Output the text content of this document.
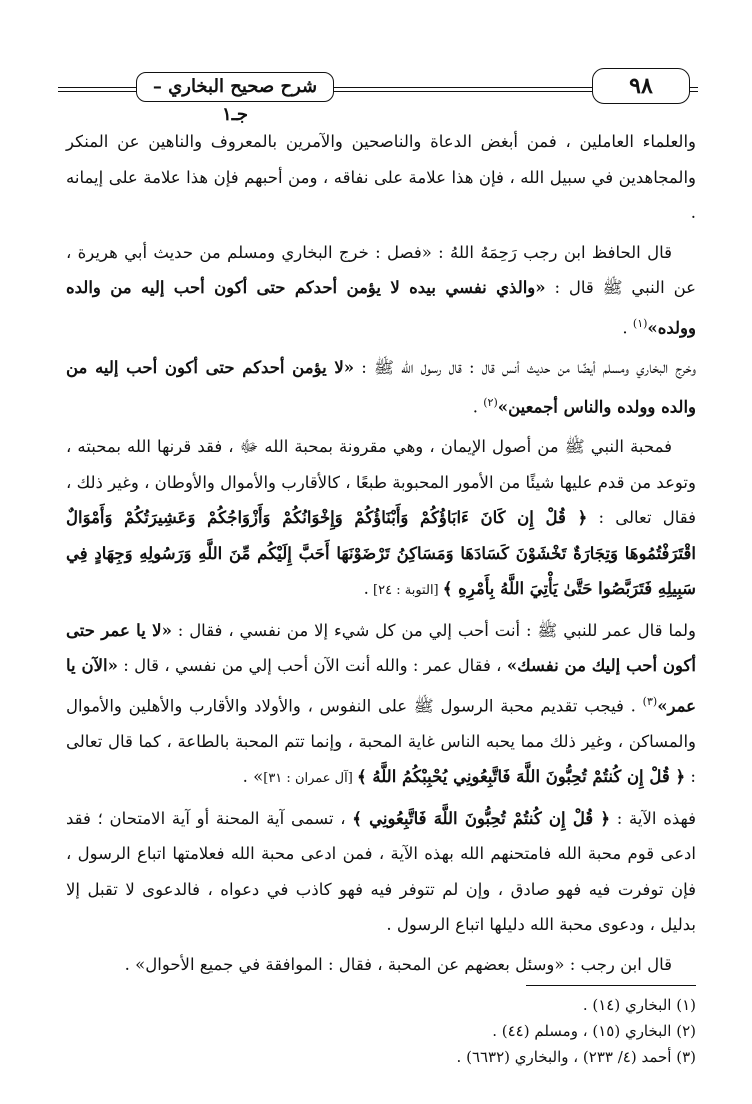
شرح صحيح البخاري – جـ١
٩٨

والعلماء العاملين ، فمن أبغض الدعاة والناصحين والآمرين بالمعروف والناهين عن المنكر والمجاهدين في سبيل الله ، فإن هذا علامة على نفاقه ، ومن أحبهم فإن هذا علامة على إيمانه .

قال الحافظ ابن رجب رَحِمَهُ اللهُ : «فصل : خرج البخاري ومسلم من حديث أبي هريرة ، عن النبي ﷺ قال : «والذي نفسي بيده لا يؤمن أحدكم حتى أكون أحب إليه من والده وولده»$^{(١)}$ .

وخرج البخاري ومسلم أيضًا من حديث أنس قال : قال رسول الله ﷺ : «لا يؤمن أحدكم حتى أكون أحب إليه من والده وولده والناس أجمعين»$^{(٢)}$ .

فمحبة النبي ﷺ من أصول الإيمان ، وهي مقرونة بمحبة الله ﷻ ، فقد قرنها الله بمحبته ، وتوعد من قدم عليها شيئًا من الأمور المحبوبة طبعًا ، كالأقارب والأموال والأوطان ، وغير ذلك ، فقال تعالى : ﴿ قُلْ إِن كَانَ ءَابَاؤُكُمْ وَأَبْنَاؤُكُمْ وَإِخْوَانُكُمْ وَأَزْوَاجُكُمْ وَعَشِيرَتُكُمْ وَأَمْوَالٌ اقْتَرَفْتُمُوهَا وَتِجَارَةٌ تَخْشَوْنَ كَسَادَهَا وَمَسَاكِنُ تَرْضَوْنَهَا أَحَبَّ إِلَيْكُم مِّنَ اللَّهِ وَرَسُولِهِ وَجِهَادٍ فِي سَبِيلِهِ فَتَرَبَّصُوا حَتَّىٰ يَأْتِيَ اللَّهُ بِأَمْرِهِ ﴾ [التوبة : ٢٤] .

ولما قال عمر للنبي ﷺ : أنت أحب إلي من كل شيء إلا من نفسي ، فقال : «لا يا عمر حتى أكون أحب إليك من نفسك» ، فقال عمر : والله أنت الآن أحب إلي من نفسي ، قال : «الآن يا عمر»$^{(٣)}$ . فيجب تقديم محبة الرسول ﷺ على النفوس ، والأولاد والأقارب والأهلين والأموال والمساكن ، وغير ذلك مما يحبه الناس غاية المحبة ، وإنما تتم المحبة بالطاعة ، كما قال تعالى : ﴿ قُلْ إِن كُنتُمْ تُحِبُّونَ اللَّهَ فَاتَّبِعُونِي يُحْبِبْكُمُ اللَّهُ ﴾ [آل عمران : ٣١]» .

فهذه الآية : ﴿ قُلْ إِن كُنتُمْ تُحِبُّونَ اللَّهَ فَاتَّبِعُونِي ﴾ ، تسمى آية المحنة أو آية الامتحان ؛ فقد ادعى قوم محبة الله فامتحنهم الله بهذه الآية ، فمن ادعى محبة الله فعلامتها اتباع الرسول ، فإن توفرت فيه فهو صادق ، وإن لم تتوفر فيه فهو كاذب في دعواه ، فالدعوى لا تقبل إلا بدليل ، ودعوى محبة الله دليلها اتباع الرسول .

قال ابن رجب : «وسئل بعضهم عن المحبة ، فقال : الموافقة في جميع الأحوال» .

(١) البخاري (١٤) .
(٢) البخاري (١٥) ، ومسلم (٤٤) .
(٣) أحمد (٤/ ٢٣٣) ، والبخاري (٦٦٣٢) .
